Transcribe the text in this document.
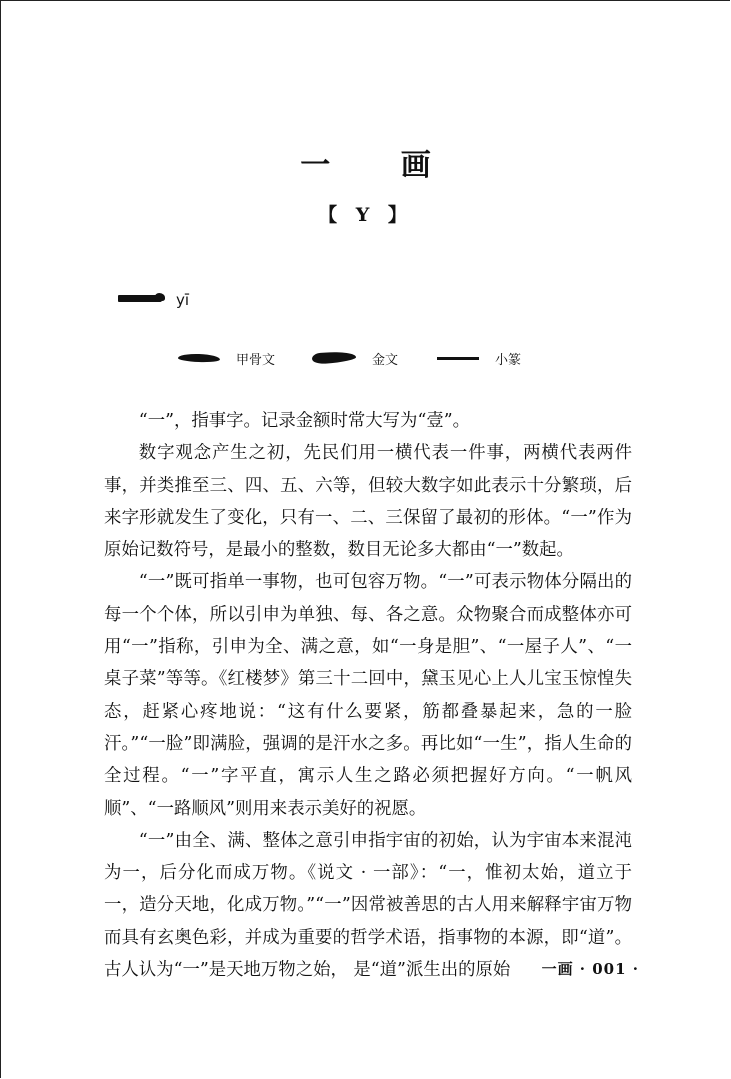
一 画
【 Y 】
yī
甲骨文	金文	小篆

“一”，指事字。记录金额时常大写为“壹”。

数字观念产生之初，先民们用一横代表一件事，两横代表两件事，并类推至三、四、五、六等，但较大数字如此表示十分繁琐，后来字形就发生了变化，只有一、二、三保留了最初的形体。“一”作为原始记数符号，是最小的整数，数目无论多大都由“一”数起。

“一”既可指单一事物，也可包容万物。“一”可表示物体分隔出的每一个个体，所以引申为单独、每、各之意。众物聚合而成整体亦可用“一”指称，引申为全、满之意，如“一身是胆”、“一屋子人”、“一桌子菜”等等。《红楼梦》第三十二回中，黛玉见心上人儿宝玉惊惶失态，赶紧心疼地说：“这有什么要紧，筋都叠暴起来，急的一脸汗。”“一脸”即满脸，强调的是汗水之多。再比如“一生”，指人生命的全过程。“一”字平直，寓示人生之路必须把握好方向。“一帆风顺”、“一路顺风”则用来表示美好的祝愿。

“一”由全、满、整体之意引申指宇宙的初始，认为宇宙本来混沌为一，后分化而成万物。《说文 · 一部》：“一，惟初太始，道立于一，造分天地，化成万物。”“一”因常被善思的古人用来解释宇宙万物而具有玄奥色彩，并成为重要的哲学术语，指事物的本源，即“道”。古人认为“一”是天地万物之始， 是“道”派生出的原始	一画 · 001 ·
